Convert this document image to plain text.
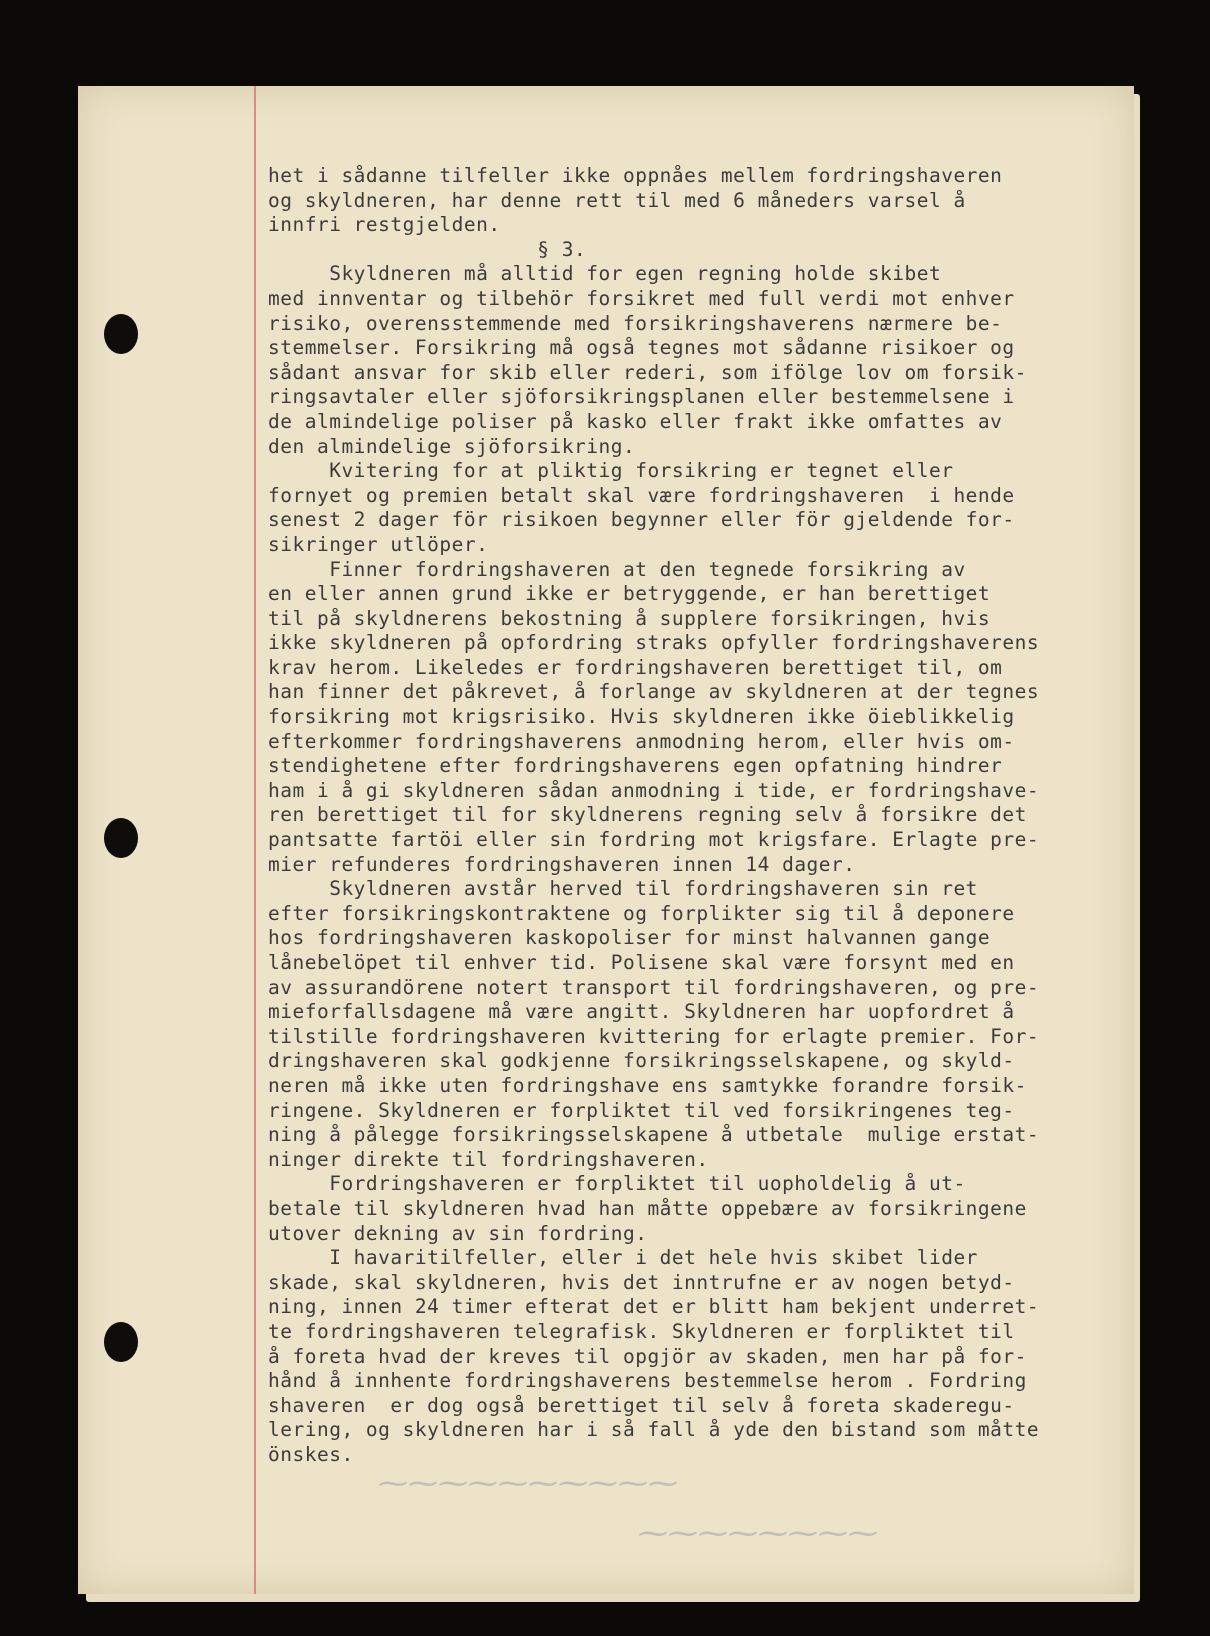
⁓⁓⁓⁓⁓⁓⁓⁓⁓⁓
⁓⁓⁓⁓⁓⁓⁓⁓
het i sådanne tilfeller ikke oppnåes mellem fordringshaveren
og skyldneren, har denne rett til med 6 måneders varsel å
innfri restgjelden.
§ 3.
Skyldneren må alltid for egen regning holde skibet
med innventar og tilbehör forsikret med full verdi mot enhver
risiko, overensstemmende med forsikringshaverens nærmere be-
stemmelser. Forsikring må også tegnes mot sådanne risikoer og
sådant ansvar for skib eller rederi, som ifölge lov om forsik-
ringsavtaler eller sjöforsikringsplanen eller bestemmelsene i
de almindelige poliser på kasko eller frakt ikke omfattes av
den almindelige sjöforsikring.
Kvitering for at pliktig forsikring er tegnet eller
fornyet og premien betalt skal være fordringshaveren  i hende
senest 2 dager för risikoen begynner eller för gjeldende for-
sikringer utlöper.
Finner fordringshaveren at den tegnede forsikring av
en eller annen grund ikke er betryggende, er han berettiget
til på skyldnerens bekostning å supplere forsikringen, hvis
ikke skyldneren på opfordring straks opfyller fordringshaverens
krav herom. Likeledes er fordringshaveren berettiget til, om
han finner det påkrevet, å forlange av skyldneren at der tegnes
forsikring mot krigsrisiko. Hvis skyldneren ikke öieblikkelig
efterkommer fordringshaverens anmodning herom, eller hvis om-
stendighetene efter fordringshaverens egen opfatning hindrer
ham i å gi skyldneren sådan anmodning i tide, er fordringshave-
ren berettiget til for skyldnerens regning selv å forsikre det
pantsatte fartöi eller sin fordring mot krigsfare. Erlagte pre-
mier refunderes fordringshaveren innen 14 dager.
Skyldneren avstår herved til fordringshaveren sin ret
efter forsikringskontraktene og forplikter sig til å deponere
hos fordringshaveren kaskopoliser for minst halvannen gange
lånebelöpet til enhver tid. Polisene skal være forsynt med en
av assurandörene notert transport til fordringshaveren, og pre-
mieforfallsdagene må være angitt. Skyldneren har uopfordret å
tilstille fordringshaveren kvittering for erlagte premier. For-
dringshaveren skal godkjenne forsikringsselskapene, og skyld-
neren må ikke uten fordringshave ens samtykke forandre forsik-
ringene. Skyldneren er forpliktet til ved forsikringenes teg-
ning å pålegge forsikringsselskapene å utbetale  mulige erstat-
ninger direkte til fordringshaveren.
Fordringshaveren er forpliktet til uopholdelig å ut-
betale til skyldneren hvad han måtte oppebære av forsikringene
utover dekning av sin fordring.
I havaritilfeller, eller i det hele hvis skibet lider
skade, skal skyldneren, hvis det inntrufne er av nogen betyd-
ning, innen 24 timer efterat det er blitt ham bekjent underret-
te fordringshaveren telegrafisk. Skyldneren er forpliktet til
å foreta hvad der kreves til opgjör av skaden, men har på for-
hånd å innhente fordringshaverens bestemmelse herom . Fordring
shaveren  er dog også berettiget til selv å foreta skaderegu-
lering, og skyldneren har i så fall å yde den bistand som måtte
önskes.
